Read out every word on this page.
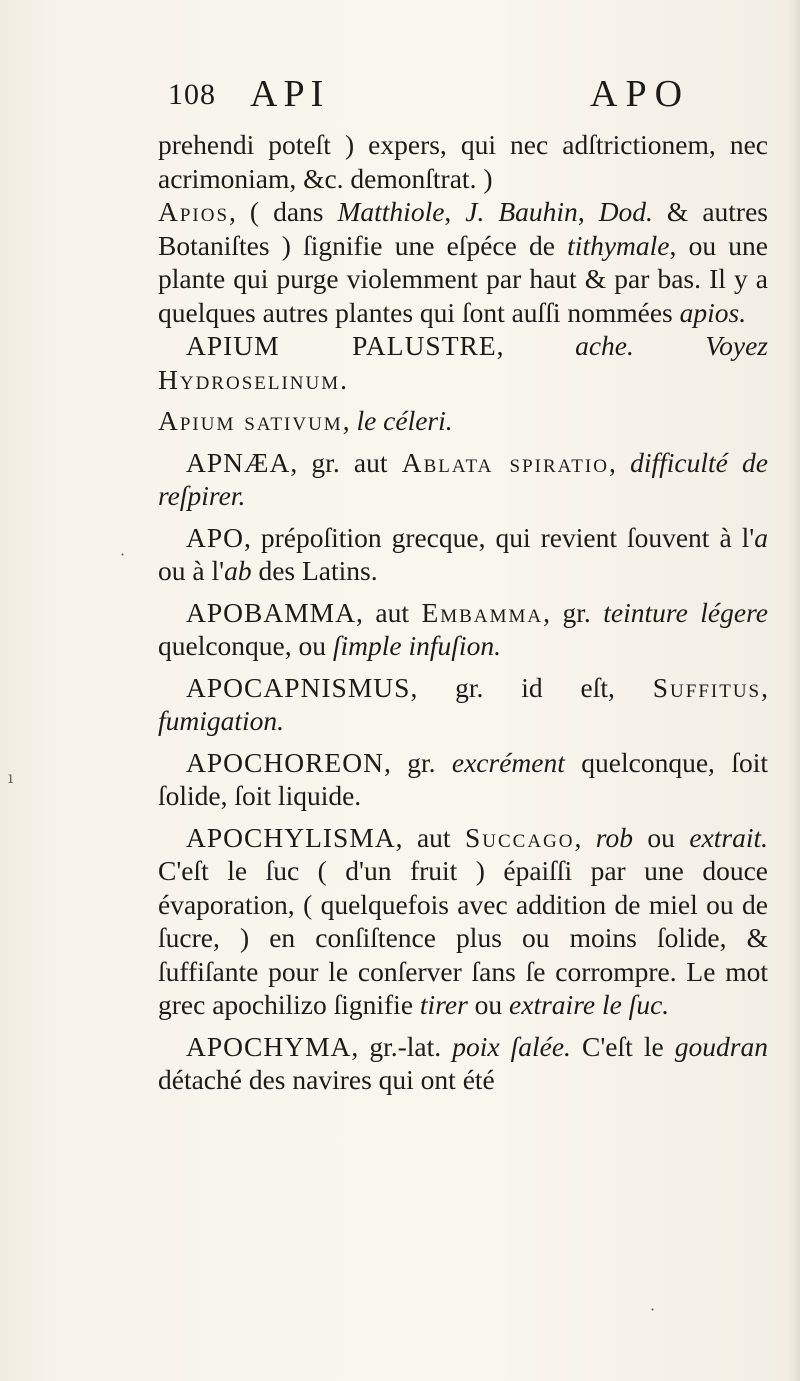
108 API	APO

prehendi poteſt ) expers, qui nec adſtrictionem, nec acrimoniam, &c. demonſtrat. )

Apios, ( dans Matthiole, J. Bauhin, Dod. & autres Botaniſtes ) ſignifie une eſpéce de tithymale, ou une plante qui purge violemment par haut & par bas. Il y a quelques autres plantes qui ſont auſſi nommées apios.

APIUM PALUSTRE, ache. Voyez Hydroselinum.

Apium sativum, le céleri.

APNÆA, gr. aut Ablata spiratio, difficulté de reſpirer.

APO, prépoſition grecque, qui revient ſouvent à l'a ou à l'ab des Latins.

APOBAMMA, aut Embamma, gr. teinture légere quelconque, ou ſimple infuſion.

APOCAPNISMUS, gr. id eſt, Suffitus, fumigation.

APOCHOREON, gr. excrément quelconque, ſoit ſolide, ſoit liquide.

APOCHYLISMA, aut Succago, rob ou extrait. C'eſt le ſuc ( d'un fruit ) épaiſſi par une douce évaporation, ( quelquefois avec addition de miel ou de ſucre, ) en conſiſtence plus ou moins ſolide, & ſuffiſante pour le conſerver ſans ſe corrompre. Le mot grec apochilizo ſignifie tirer ou extraire le ſuc.

APOCHYMA, gr.-lat. poix ſalée. C'eſt le goudran détaché des navires qui ont été

·
ı
·
